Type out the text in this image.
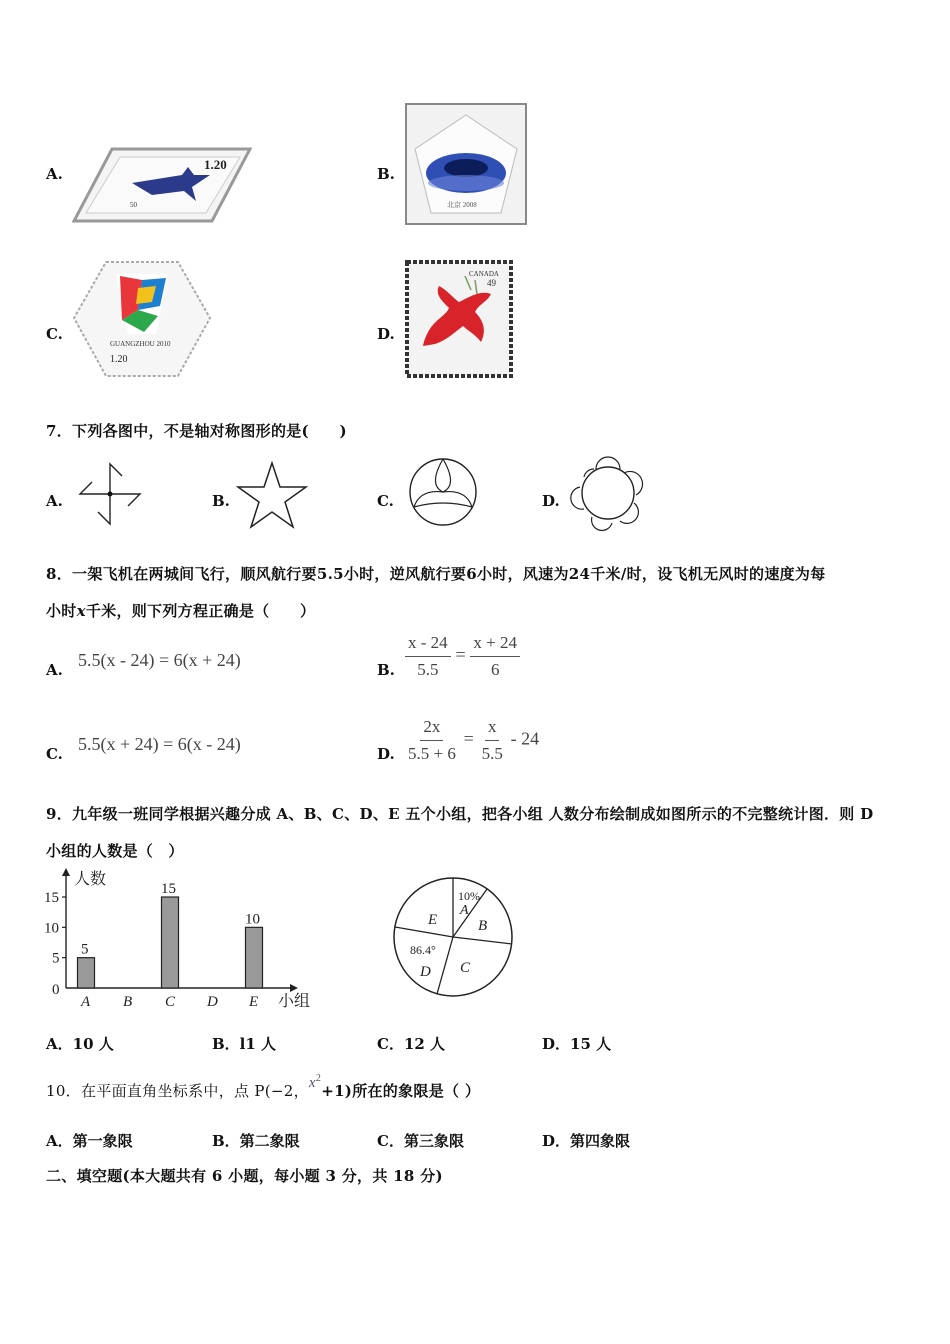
A.
1.20
50
B.
北京 2008
C.
GUANGZHOU 2010
1.20
D.
CANADA
49
7．下列各图中，不是轴对称图形的是(　　)
A.	B.	C.	D.
8．一架飞机在两城间飞行，顺风航行要5.5小时，逆风航行要6小时，风速为24千米/时，设飞机无风时的速度为每
小时x千米，则下列方程正确是（　　）
A. 5.5(x - 24) = 6(x + 24)	B. $\frac{x - 24}{5.5} = \frac{x + 24}{6}$
C. 5.5(x + 24) = 6(x - 24)	D. $\frac{2x}{5.5 + 6} = \frac{x}{5.5} - 24$
9．九年级一班同学根据兴趣分成 A、B、C、D、E 五个小组，把各小组 人数分布绘制成如图所示的不完整统计图．则 D
小组的人数是（　）
人数
小组
0
5
10
15
5
A B
15
C D
10
E
10%
A
B
C
86.4°
D
E
A．10 人	B．l1 人	C．12 人	D．15 人
10．在平面直角坐标系中，点 P(−2，$x^2+1$)所在的象限是（ ）
A．第一象限	B．第二象限	C．第三象限	D．第四象限
二、填空题(本大题共有 6 小题，每小题 3 分，共 18 分)
